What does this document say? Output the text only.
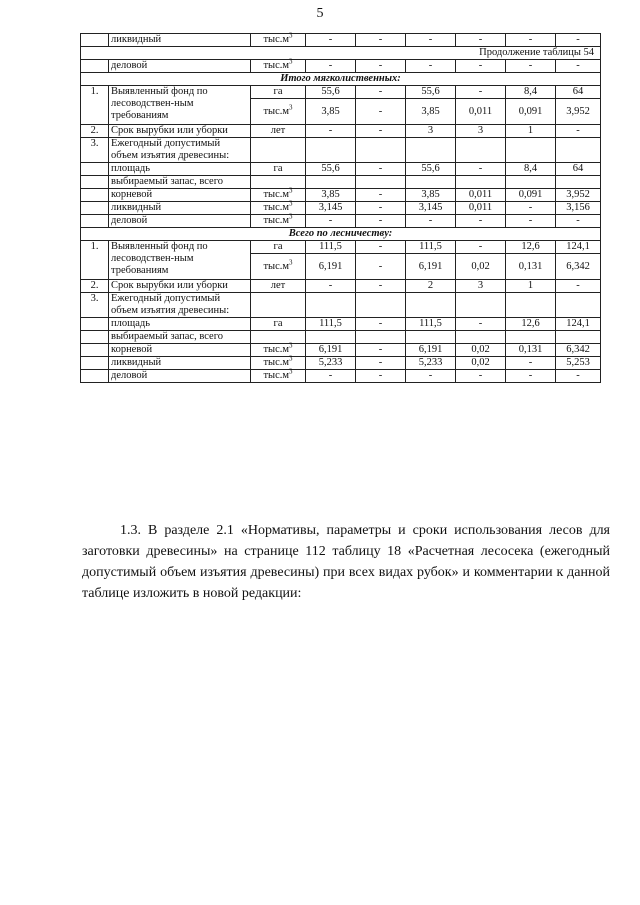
5
	ликвидный	$тыс.м^3$	-	-	-	-	-	-
Продолжение таблицы 54								
	деловой	$тыс.м^3$	-	-	-	-	-	-
Итого мягколиственных:								
1.	Выявленный фонд по лесоводствен-ным требованиям	га	55,6	-	55,6	-	8,4	64
		$тыс.м^3$	3,85	-	3,85	0,011	0,091	3,952
2.	Срок вырубки или уборки	лет	-	-	3	3	1	-
3.	Ежегодный допустимый объем изъятия древесины:							
	площадь	га	55,6	-	55,6	-	8,4	64
	выбираемый запас, всего							
	корневой	$тыс.м^3$	3,85	-	3,85	0,011	0,091	3,952
	ликвидный	$тыс.м^3$	3,145	-	3,145	0,011	-	3,156
	деловой	$тыс.м^3$	-	-	-	-	-	-
Всего по лесничеству:								
1.	Выявленный фонд по лесоводствен-ным требованиям	га	111,5	-	111,5	-	12,6	124,1
		$тыс.м^3$	6,191	-	6,191	0,02	0,131	6,342
2.	Срок вырубки или уборки	лет	-	-	2	3	1	-
3.	Ежегодный допустимый объем изъятия древесины:							
	площадь	га	111,5	-	111,5	-	12,6	124,1
	выбираемый запас, всего							
	корневой	$тыс.м^3$	6,191	-	6,191	0,02	0,131	6,342
	ликвидный	$тыс.м^3$	5,233	-	5,233	0,02	-	5,253
	деловой	$тыс.м^3$	-	-	-	-	-	-

1.3. В разделе 2.1 «Нормативы, параметры и сроки использования лесов для заготовки древесины» на странице 112 таблицу 18 «Расчетная лесосека (ежегодный допустимый объем изъятия древесины) при всех видах рубок» и комментарии к данной таблице изложить в новой редакции:
